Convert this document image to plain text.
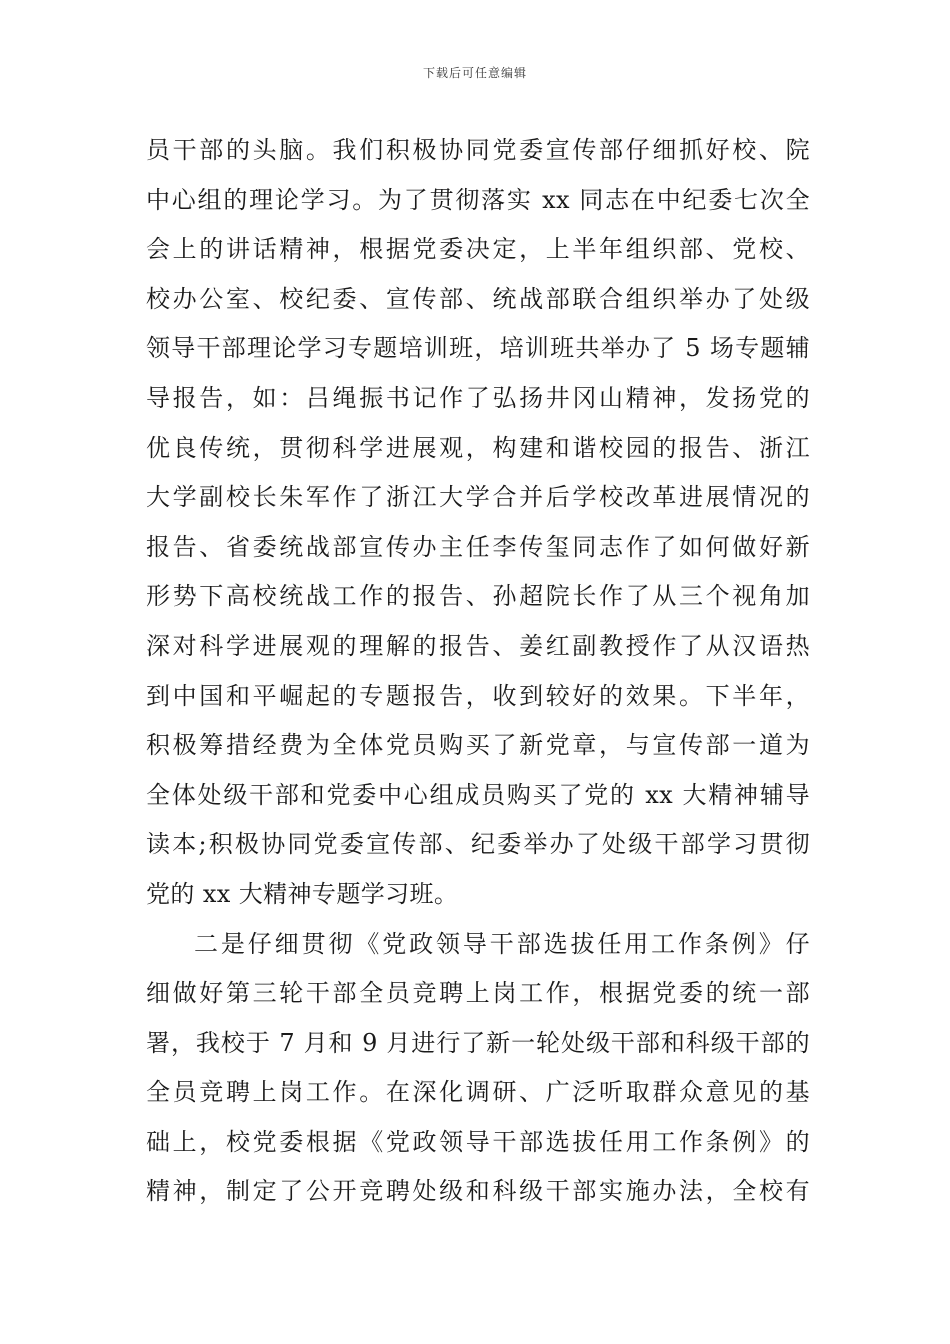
下载后可任意编辑
员干部的头脑。我们积极协同党委宣传部仔细抓好校、院
中心组的理论学习。为了贯彻落实 xx 同志在中纪委七次全
会上的讲话精神，根据党委决定，上半年组织部、党校、
校办公室、校纪委、宣传部、统战部联合组织举办了处级
领导干部理论学习专题培训班，培训班共举办了 5 场专题辅
导报告，如：吕绳振书记作了弘扬井冈山精神，发扬党的
优良传统，贯彻科学进展观，构建和谐校园的报告、浙江
大学副校长朱军作了浙江大学合并后学校改革进展情况的
报告、省委统战部宣传办主任李传玺同志作了如何做好新
形势下高校统战工作的报告、孙超院长作了从三个视角加
深对科学进展观的理解的报告、姜红副教授作了从汉语热
到中国和平崛起的专题报告，收到较好的效果。下半年，
积极筹措经费为全体党员购买了新党章，与宣传部一道为
全体处级干部和党委中心组成员购买了党的 xx 大精神辅导
读本;积极协同党委宣传部、纪委举办了处级干部学习贯彻
党的 xx 大精神专题学习班。
二是仔细贯彻《党政领导干部选拔任用工作条例》仔
细做好第三轮干部全员竞聘上岗工作，根据党委的统一部
署，我校于 7 月和 9 月进行了新一轮处级干部和科级干部的
全员竞聘上岗工作。在深化调研、广泛听取群众意见的基
础上，校党委根据《党政领导干部选拔任用工作条例》的
精神，制定了公开竞聘处级和科级干部实施办法，全校有
